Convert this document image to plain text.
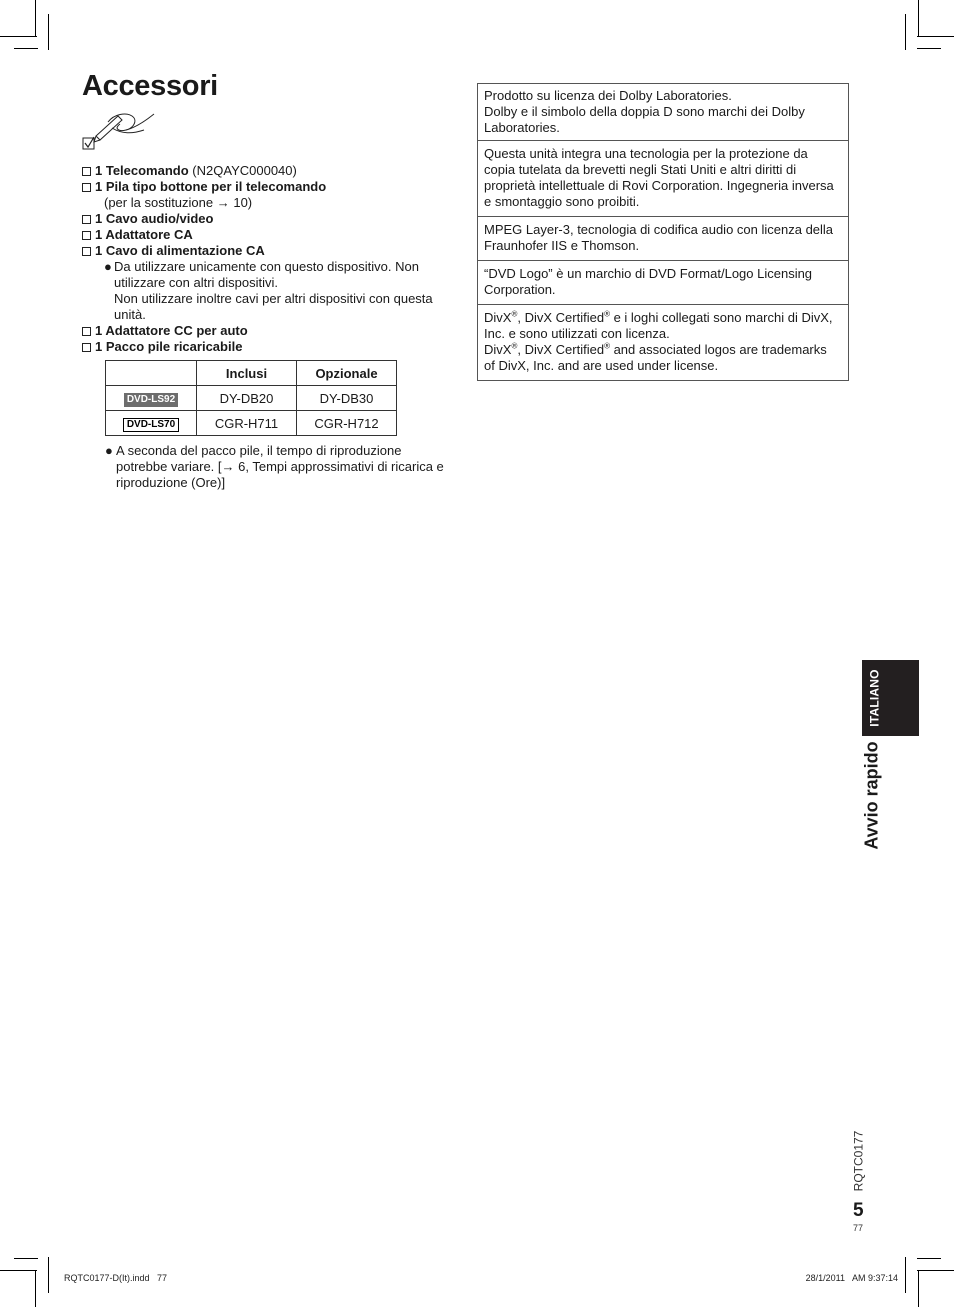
Accessori
1 Telecomando (N2QAYC000040)
1 Pila tipo bottone per il telecomando
(per la sostituzione → 10)
1 Cavo audio/video
1 Adattatore CA
1 Cavo di alimentazione CA
● Da utilizzare unicamente con questo dispositivo. Non
utilizzare con altri dispositivi.
Non utilizzare inoltre cavi per altri dispositivi con questa
unità.
1 Adattatore CC per auto
1 Pacco pile ricaricabile
	Inclusi	Opzionale
DVD-LS92	DY-DB20	DY-DB30
DVD-LS70	CGR-H711	CGR-H712
● A seconda del pacco pile, il tempo di riproduzione
potrebbe variare. [→ 6, Tempi approssimativi di ricarica e
riproduzione (Ore)]
Prodotto su licenza dei Dolby Laboratories.
Dolby e il simbolo della doppia D sono marchi dei Dolby
Laboratories.
Questa unità integra una tecnologia per la protezione da
copia tutelata da brevetti negli Stati Uniti e altri diritti di
proprietà intellettuale di Rovi Corporation. Ingegneria inversa
e smontaggio sono proibiti.
MPEG Layer-3, tecnologia di codifica audio con licenza della
Fraunhofer IIS e Thomson.
“DVD Logo” è un marchio di DVD Format/Logo Licensing
Corporation.
DivX®, DivX Certified® e i loghi collegati sono marchi di DivX,
Inc. e sono utilizzati con licenza.
DivX®, DivX Certified® and associated logos are trademarks
of DivX, Inc. and are used under license.
ITALIANO
Avvio rapido
RQTC0177
5
77
RQTC0177-D(It).indd   77	28/1/2011   AM 9:37:14
